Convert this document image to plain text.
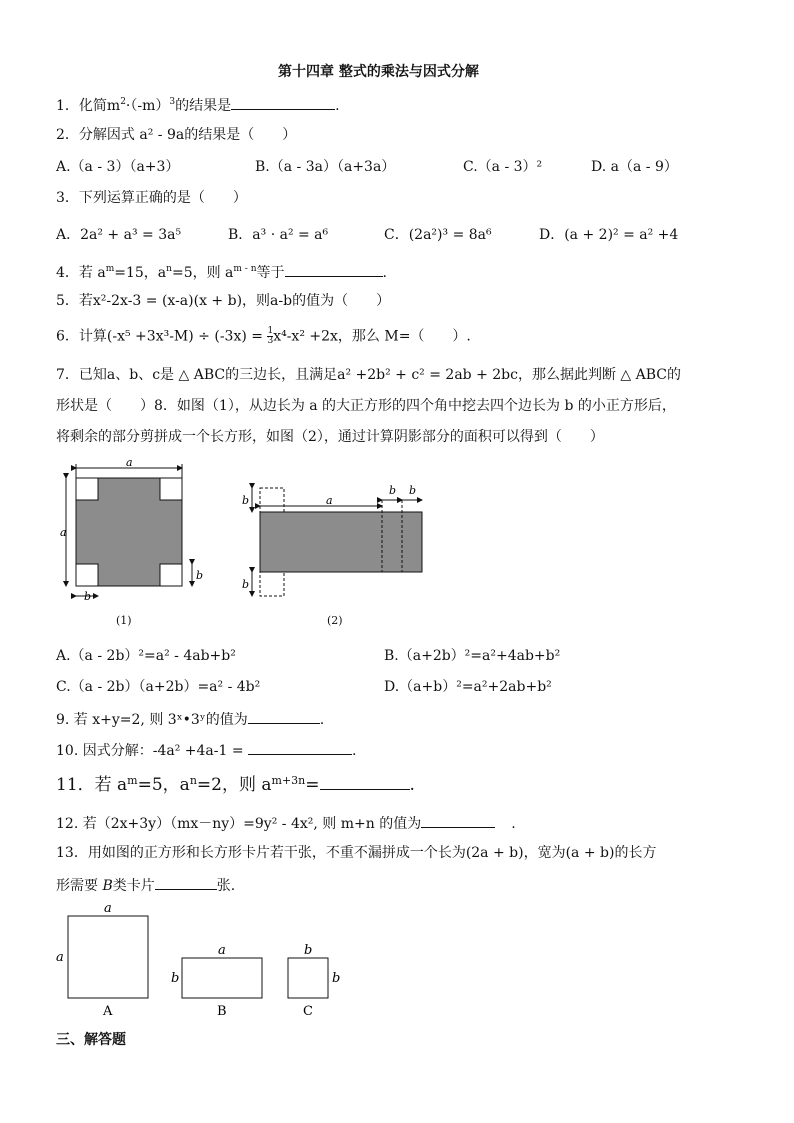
第十四章 整式的乘法与因式分解
1．化简$m^2\cdot(-m)^3$的结果是	.
2．分解因式 a² - 9a的结果是（　　）
A.（a - 3）（a+3）	B.（a - 3a）（a+3a）	C.（a - 3）²	D. a（a - 9）
3．下列运算正确的是（　　）
A．2a² + a³ = 3a⁵	B．a³ · a² = a⁶	C．(2a²)³ = 8a⁶	D．(a + 2)² = a² +4
4．若 $a^m=15$，$a^n=5$，则 $a^{m - n}$等于	.
5．若x²-2x-3 = (x-a)(x + b)，则a-b的值为（　　）
6．计算$(-x^5 +3x^3-M) \div (-3x) = \frac{1}{3} x^4-x^2 +2x$，那么 M=（　　）.
7．已知a、b、c是 △ ABC的三边长，且满足a² +2b² + c² = 2ab + 2bc，那么据此判断 △ ABC的
形状是（　　）8．如图（1），从边长为 a 的大正方形的四个角中挖去四个边长为 b 的小正方形后，
将剩余的部分剪拼成一个长方形，如图（2），通过计算阴影部分的面积可以得到（　　）
a
a
b
b
(1)
a
b b
b
b
(2)
A.（a - 2b）²=a² - 4ab+b²	B.（a+2b）²=a²+4ab+b²
C.（a - 2b）（a+2b）=a² - 4b²	D.（a+b）²=a²+2ab+b²
9. 若 x+y=2, 则 3ˣ•3ʸ的值为	.
10. 因式分解：-4a² +4a-1 =	.
11．若 $a^m=5$，$a^n=2$，则 $a^{m+3n}=$	.
12. 若（2x+3y）（mx－ny）=9y² - 4x², 则 m+n 的值为	.
13．用如图的正方形和长方形卡片若干张，不重不漏拼成一个长为(2a + b)，宽为(a + b)的长方
形需要 B类卡片	张.
a
a
A
a
b
B
b
b
C
三、解答题
